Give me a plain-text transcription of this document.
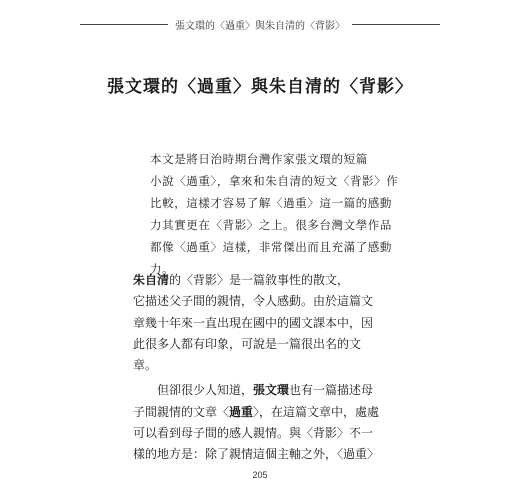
張文環的〈過重〉與朱自清的〈背影〉
張文環的〈過重〉與朱自清的〈背影〉
本文是將日治時期台灣作家張文環的短篇
小說〈過重〉，拿來和朱自清的短文〈背影〉作
比較，這樣才容易了解〈過重〉這一篇的感動
力其實更在〈背影〉之上。很多台灣文學作品
都像〈過重〉這樣，非常傑出而且充滿了感動
力。
朱自清的〈背影〉是一篇敘事性的散文，
它描述父子間的親情，令人感動。由於這篇文
章幾十年來一直出現在國中的國文課本中，因
此很多人都有印象，可說是一篇很出名的文
章。
但卻很少人知道，張文環也有一篇描述母
子間親情的文章〈過重〉，在這篇文章中，處處
可以看到母子間的感人親情。與〈背影〉不一
樣的地方是：除了親情這個主軸之外，〈過重〉
205
